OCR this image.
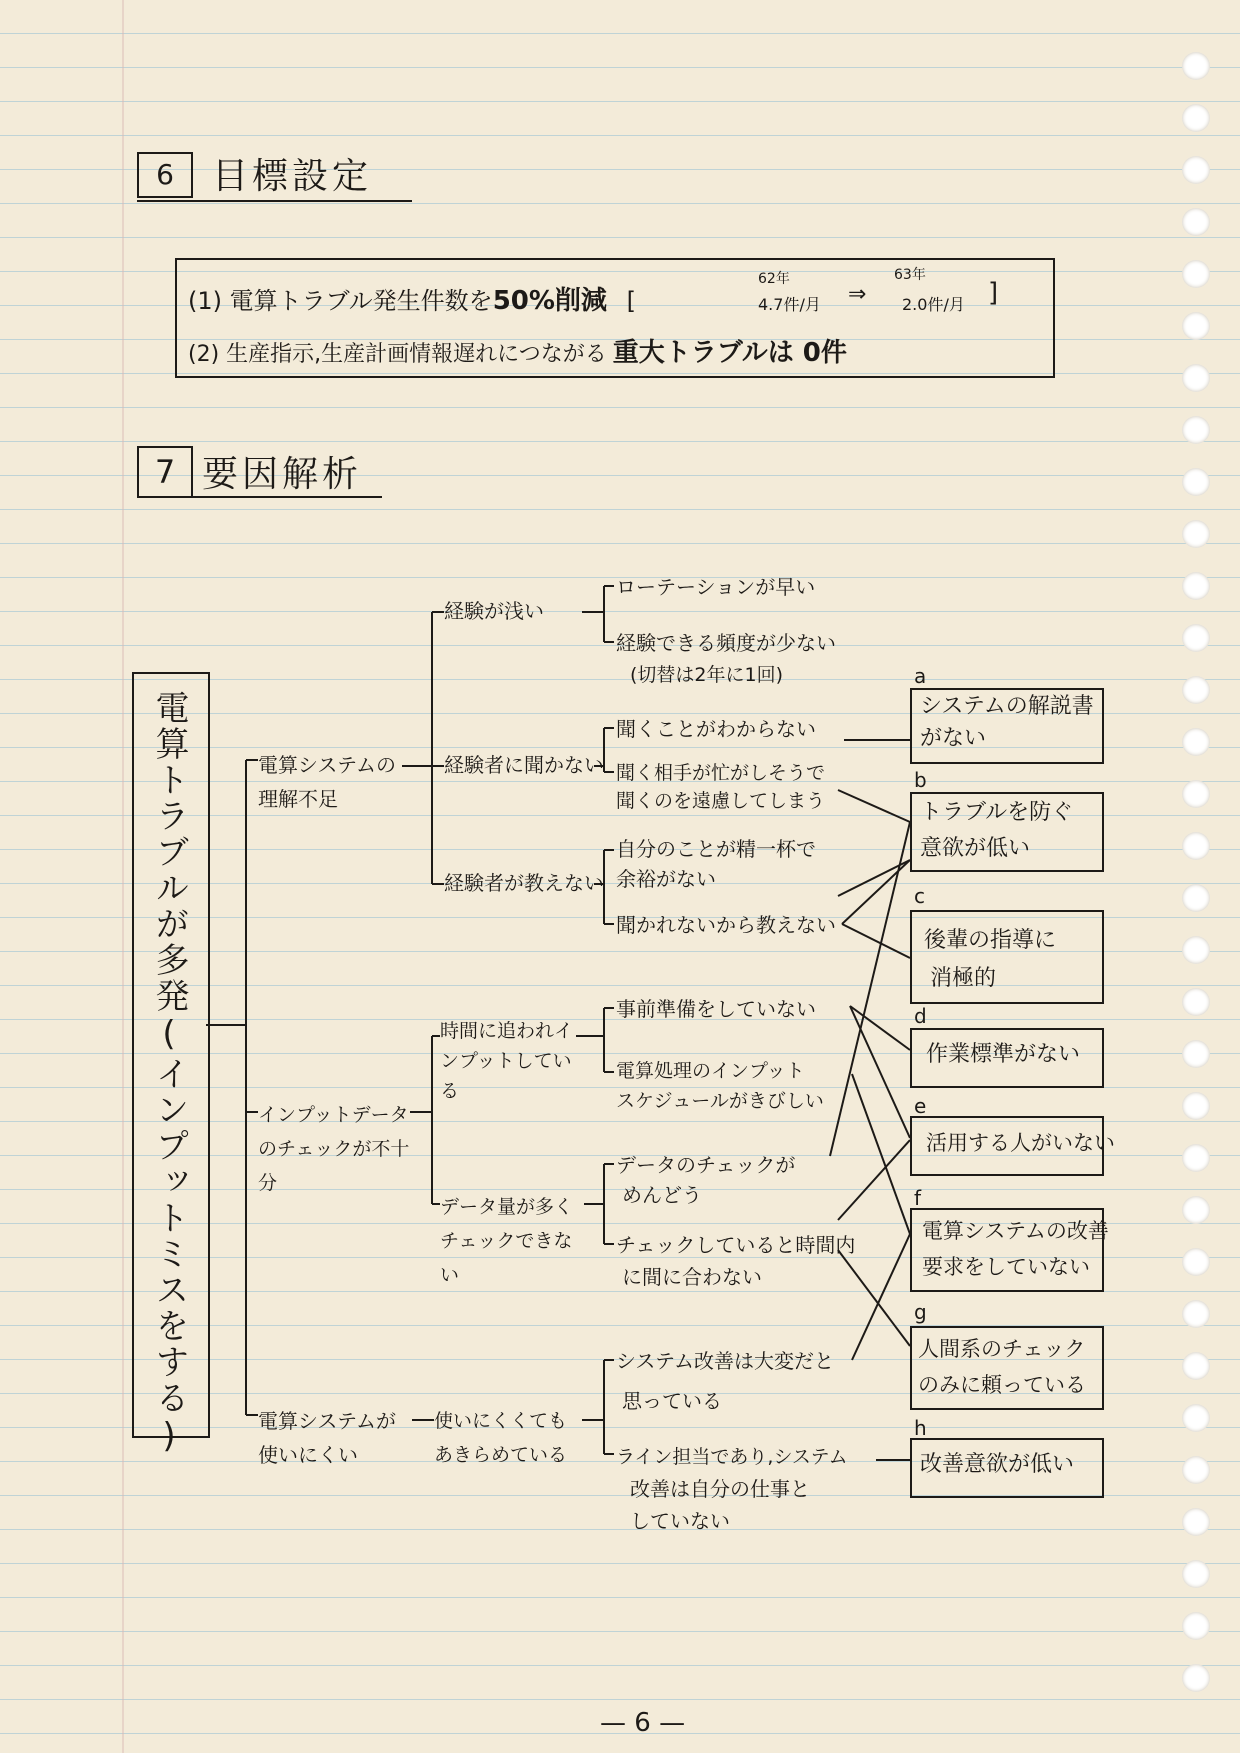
6	目標設定
(1) 電算トラブル発生件数を50%削減 [
62年
4.7件/月 ⇒
63年
2.0件/月 ]
(2) 生産指示,生産計画情報遅れにつながる 重大トラブルは 0件
7 要因解析
電算トラブルが多発(インプットミスをする)	電算システムの理解不足
インプットデータのチェックが不十分
電算システムが使いにくい
経験が浅い
経験者に聞かない
経験者が教えない
時間に追われインプットしている
データ量が多くチェックできない
使いにくくてもあきらめている
ローテーションが早い
経験できる頻度が少ない
(切替は2年に1回)
聞くことがわからない
聞く相手が忙がしそうで
聞くのを遠慮してしまう
自分のことが精一杯で
余裕がない
聞かれないから教えない
事前準備をしていない
電算処理のインプット
スケジュールがきびしい
データのチェックが
めんどう
チェックしていると時間内
に間に合わない
システム改善は大変だと
思っている
ライン担当であり,システム
改善は自分の仕事と
していない
a
システムの解説書
がない
b
トラブルを防ぐ
意欲が低い
c
後輩の指導に
消極的
d
作業標準がない
e
活用する人がいない
f
電算システムの改善
要求をしていない
g
人間系のチェック
のみに頼っている
h
改善意欲が低い
— 6 —
